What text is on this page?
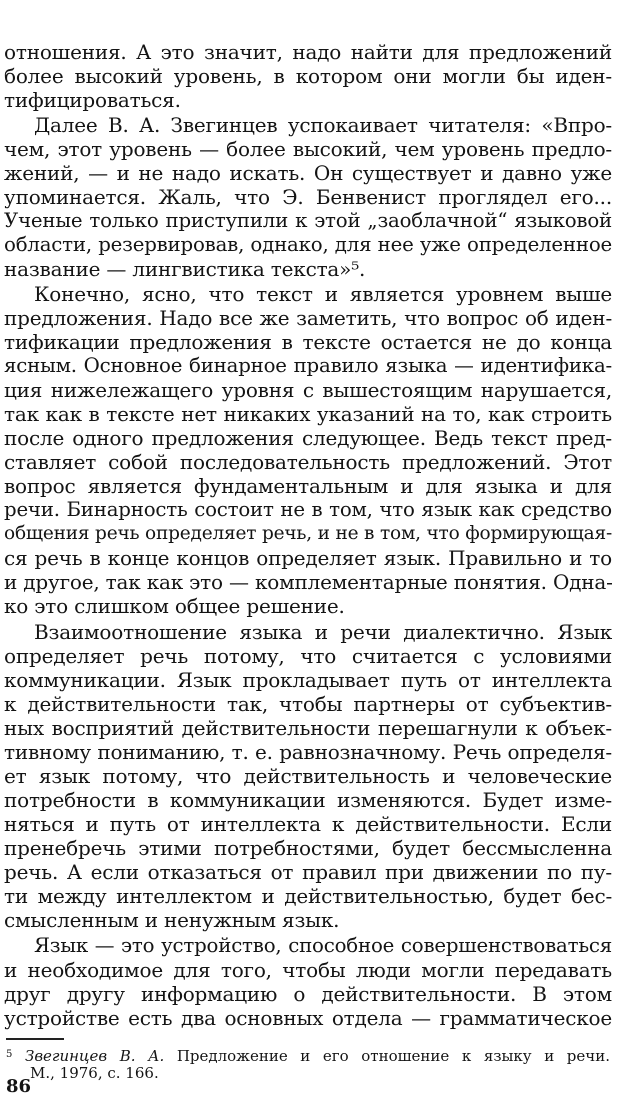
отношения. А это значит, надо найти для предложений
более высокий уровень, в котором они могли бы иден-
тифицироваться.
Далее В. А. Звегинцев успокаивает читателя: «Впро-
чем, этот уровень — более высокий, чем уровень предло-
жений, — и не надо искать. Он существует и давно уже
упоминается. Жаль, что Э. Бенвенист проглядел его...
Ученые только приступили к этой „заоблачной“ языковой
области, резервировав, однако, для нее уже определенное
название — лингвистика текста»⁵.
Конечно, ясно, что текст и является уровнем выше
предложения. Надо все же заметить, что вопрос об иден-
тификации предложения в тексте остается не до конца
ясным. Основное бинарное правило языка — идентифика-
ция нижележащего уровня с вышестоящим нарушается,
так как в тексте нет никаких указаний на то, как строить
после одного предложения следующее. Ведь текст пред-
ставляет собой последовательность предложений. Этот
вопрос является фундаментальным и для языка и для
речи. Бинарность состоит не в том, что язык как средство
общения речь определяет речь, и не в том, что формирующая-
ся речь в конце концов определяет язык. Правильно и то
и другое, так как это — комплементарные понятия. Одна-
ко это слишком общее решение.
Взаимоотношение языка и речи диалектично. Язык
определяет речь потому, что считается с условиями
коммуникации. Язык прокладывает путь от интеллекта
к действительности так, чтобы партнеры от субъектив-
ных восприятий действительности перешагнули к объек-
тивному пониманию, т. е. равнозначному. Речь определя-
ет язык потому, что действительность и человеческие
потребности в коммуникации изменяются. Будет изме-
няться и путь от интеллекта к действительности. Если
пренебречь этими потребностями, будет бессмысленна
речь. А если отказаться от правил при движении по пу-
ти между интеллектом и действительностью, будет бес-
смысленным и ненужным язык.
Язык — это устройство, способное совершенствоваться
и необходимое для того, чтобы люди могли передавать
друг другу информацию о действительности. В этом
устройстве есть два основных отдела — грамматическое
$^5$ Звегинцев В. А. Предложение и его отношение к языку и речи.
М., 1976, с. 166.
86
